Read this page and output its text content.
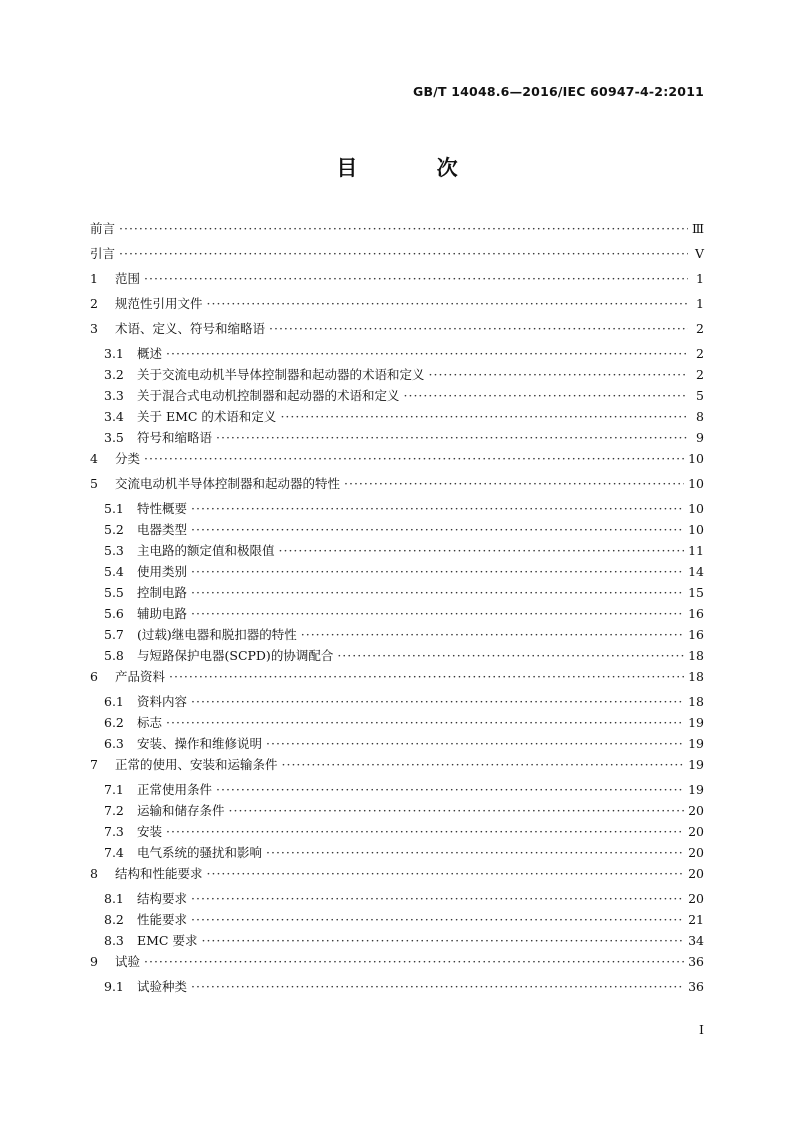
GB/T 14048.6—2016/IEC 60947-4-2:2011
目 次
前言 ·····	Ⅲ
引言 ·····	Ⅴ
1	范围 ·····	1
2	规范性引用文件 ·····	1
3	术语、定义、符号和缩略语 ·····	2
3.1	概述 ·····	2
3.2	关于交流电动机半导体控制器和起动器的术语和定义 ·····	2
3.3	关于混合式电动机控制器和起动器的术语和定义 ·····	5
3.4	关于 EMC 的术语和定义 ·····	8
3.5	符号和缩略语 ·····	9
4	分类 ·····	10
5	交流电动机半导体控制器和起动器的特性 ·····	10
5.1	特性概要 ·····	10
5.2	电器类型 ·····	10
5.3	主电路的额定值和极限值 ·····	11
5.4	使用类别 ·····	14
5.5	控制电路 ·····	15
5.6	辅助电路 ·····	16
5.7	(过载)继电器和脱扣器的特性 ·····	16
5.8	与短路保护电器(SCPD)的协调配合 ·····	18
6	产品资料 ·····	18
6.1	资料内容 ·····	18
6.2	标志 ·····	19
6.3	安装、操作和维修说明 ·····	19
7	正常的使用、安装和运输条件 ·····	19
7.1	正常使用条件 ·····	19
7.2	运输和储存条件 ·····	20
7.3	安装 ·····	20
7.4	电气系统的骚扰和影响 ·····	20
8	结构和性能要求 ·····	20
8.1	结构要求 ·····	20
8.2	性能要求 ·····	21
8.3	EMC 要求 ·····	34
9	试验 ·····	36
9.1	试验种类 ·····	36
I
